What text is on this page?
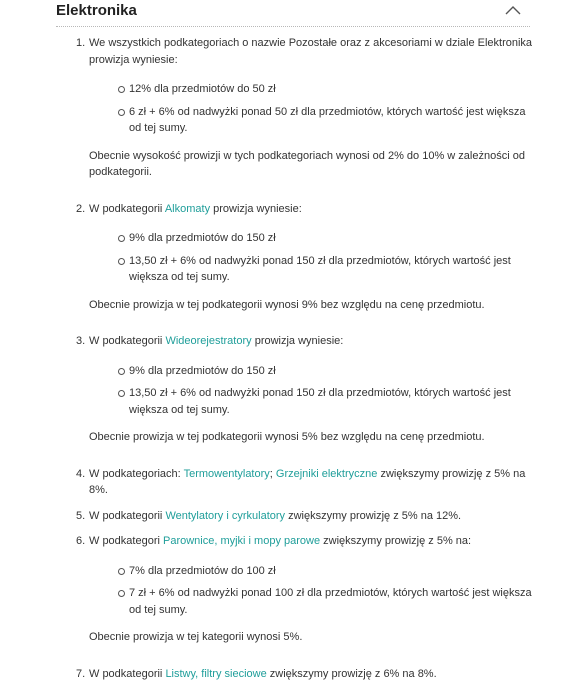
Elektronika
1. We wszystkich podkategoriach o nazwie Pozostałe oraz z akcesoriami w dziale Elektronika prowizja wyniesie:
12% dla przedmiotów do 50 zł
6 zł + 6% od nadwyżki ponad 50 zł dla przedmiotów, których wartość jest większa od tej sumy.
Obecnie wysokość prowizji w tych podkategoriach wynosi od 2% do 10% w zależności od podkategorii.
2. W podkategorii Alkomaty prowizja wyniesie:
9% dla przedmiotów do 150 zł
13,50 zł + 6% od nadwyżki ponad 150 zł dla przedmiotów, których wartość jest większa od tej sumy.
Obecnie prowizja w tej podkategorii wynosi 9% bez względu na cenę przedmiotu.
3. W podkategorii Wideorejestratory prowizja wyniesie:
9% dla przedmiotów do 150 zł
13,50 zł + 6% od nadwyżki ponad 150 zł dla przedmiotów, których wartość jest większa od tej sumy.
Obecnie prowizja w tej podkategorii wynosi 5% bez względu na cenę przedmiotu.
4. W podkategoriach: Termowentylatory; Grzejniki elektryczne zwiększymy prowizję z 5% na 8%.
5. W podkategorii Wentylatory i cyrkulatory zwiększymy prowizję z 5% na 12%.
6. W podkategori Parownice, myjki i mopy parowe zwiększymy prowizję z 5% na:
7% dla przedmiotów do 100 zł
7 zł + 6% od nadwyżki ponad 100 zł dla przedmiotów, których wartość jest większa od tej sumy.
Obecnie prowizja w tej kategorii wynosi 5%.
7. W podkategorii Listwy, filtry sieciowe zwiększymy prowizję z 6% na 8%.
